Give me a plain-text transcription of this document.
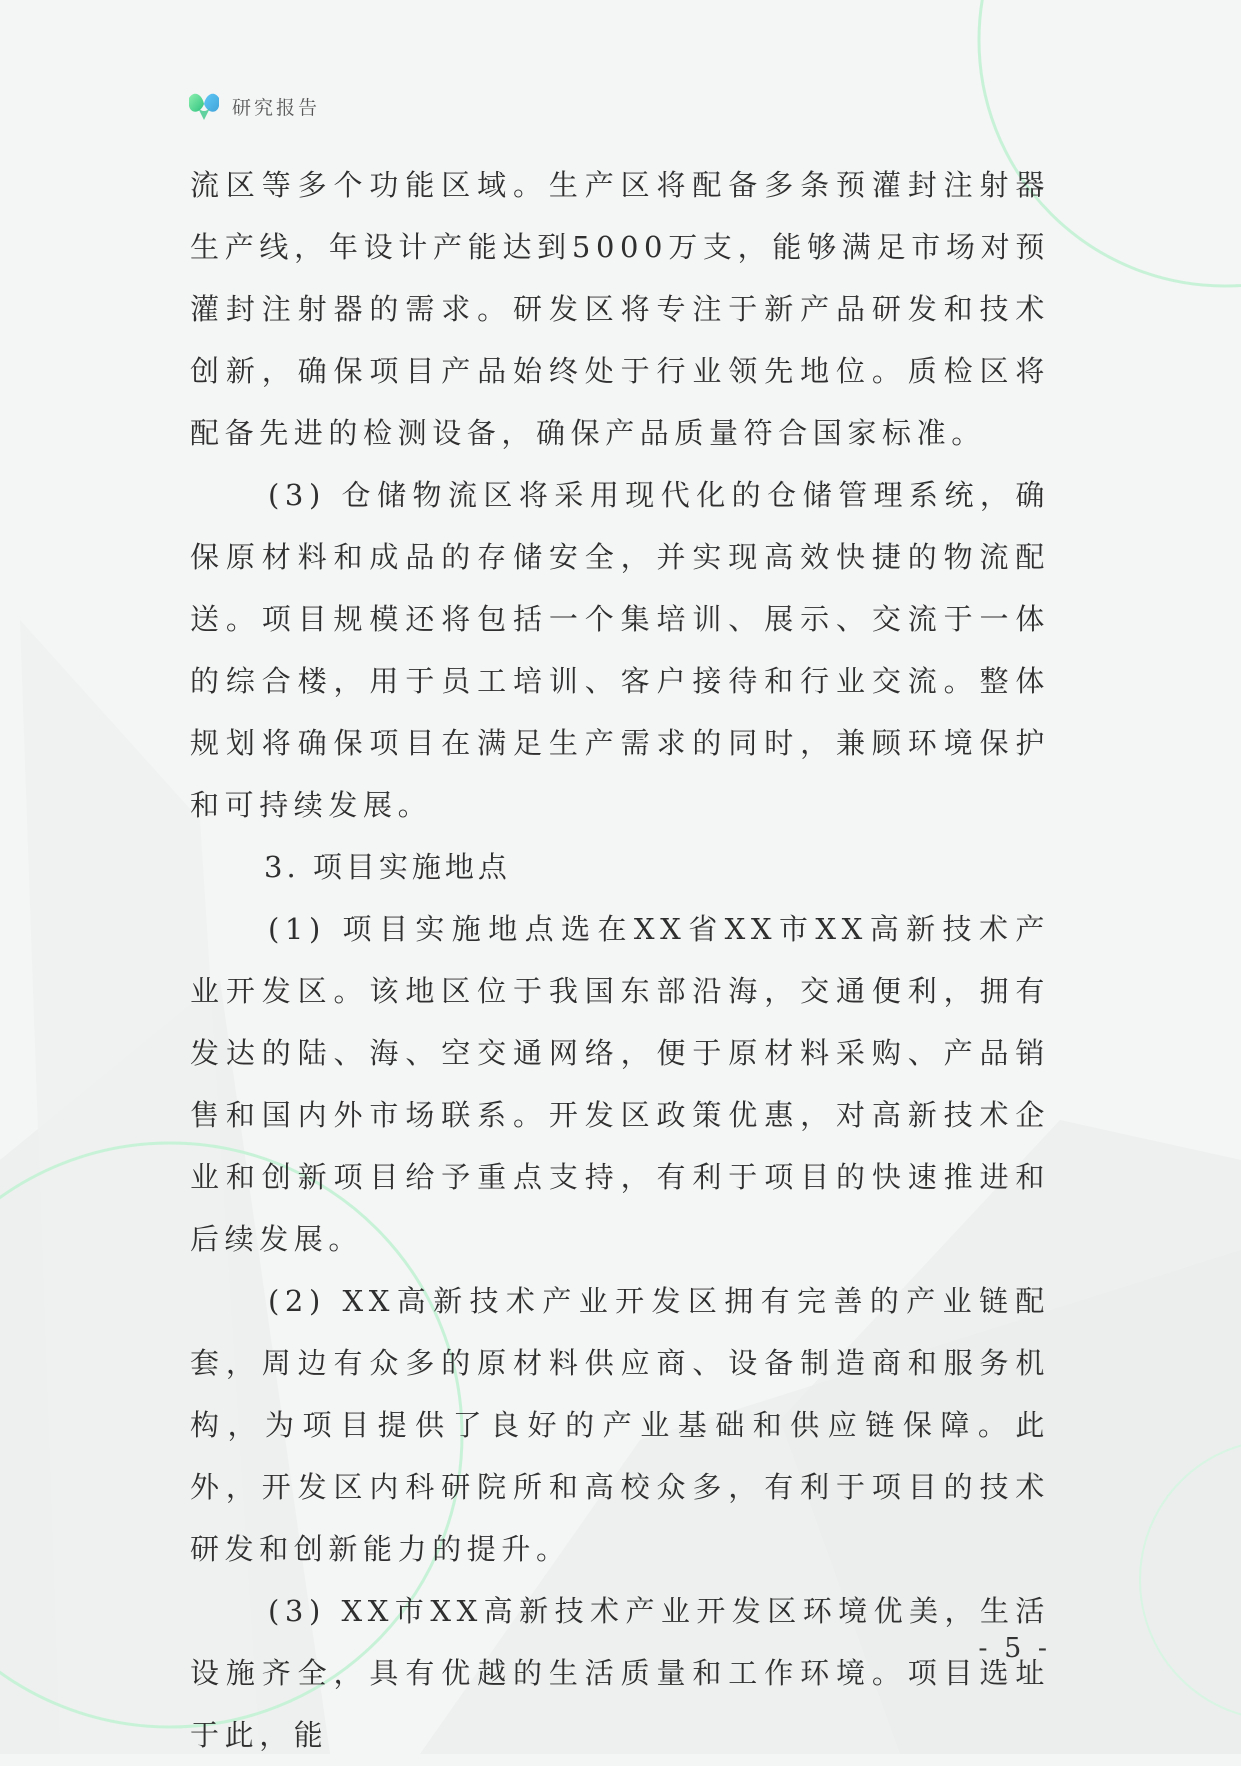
研究报告

流区等多个功能区域。生产区将配备多条预灌封注射器生产线，年设计产能达到5000万支，能够满足市场对预灌封注射器的需求。研发区将专注于新产品研发和技术创新，确保项目产品始终处于行业领先地位。质检区将配备先进的检测设备，确保产品质量符合国家标准。

(3) 仓储物流区将采用现代化的仓储管理系统，确保原材料和成品的存储安全，并实现高效快捷的物流配送。项目规模还将包括一个集培训、展示、交流于一体的综合楼，用于员工培训、客户接待和行业交流。整体规划将确保项目在满足生产需求的同时，兼顾环境保护和可持续发展。

3. 项目实施地点

(1) 项目实施地点选在XX省XX市XX高新技术产业开发区。该地区位于我国东部沿海，交通便利，拥有发达的陆、海、空交通网络，便于原材料采购、产品销售和国内外市场联系。开发区政策优惠，对高新技术企业和创新项目给予重点支持，有利于项目的快速推进和后续发展。

(2) XX高新技术产业开发区拥有完善的产业链配套，周边有众多的原材料供应商、设备制造商和服务机构，为项目提供了良好的产业基础和供应链保障。此外，开发区内科研院所和高校众多，有利于项目的技术研发和创新能力的提升。

(3) XX市XX高新技术产业开发区环境优美，生活设施齐全，具有优越的生活质量和工作环境。项目选址于此，能

- 5 -
